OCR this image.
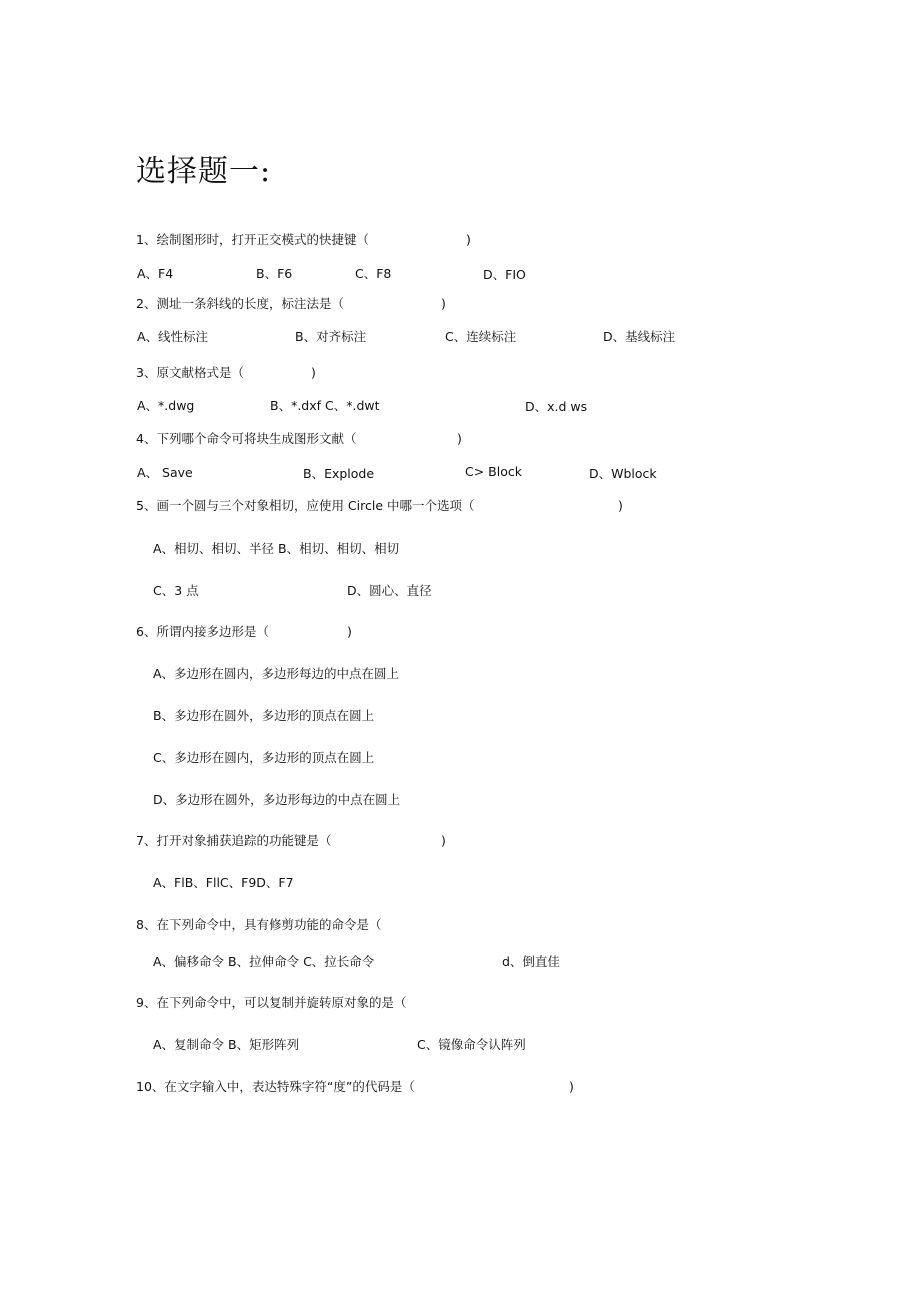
选择题一:
1、绘制图形时，打开正交模式的快捷键（	)
A、F4	B、F6	C、F8	D、FIO
2、测址一条斜线的长度，标注法是（	)
A、线性标注	B、对齐标注	C、连续标注	D、基线标注
3、原文献格式是（	)
A、*.dwg	B、*.dxf C、*.dwt	D、x.d ws
4、下列哪个命令可将块生成图形文献（	)
A、 Save	B、Explode	C> Block	D、Wblock
5、画一个圆与三个对象相切，应使用 Circle 中哪一个选项（	)
A、相切、相切、半径 B、相切、相切、相切
C、3 点	D、圆心、直径
6、所谓内接多边形是（	)
A、多边形在圆内，多边形每边的中点在圆上
B、多边形在圆外，多边形的顶点在圆上
C、多边形在圆内，多边形的顶点在圆上
D、多边形在圆外，多边形每边的中点在圆上
7、打开对象捕获追踪的功能键是（	)
A、FlB、FllC、F9D、F7
8、在下列命令中，具有修剪功能的命令是（
A、偏移命令 B、拉伸命令 C、拉长命令	d、倒直佳
9、在下列命令中，可以复制并旋转原对象的是（
A、复制命令 B、矩形阵列	C、镜像命令认阵列
10、在文字输入中，表达特殊字符“度”的代码是（	)
